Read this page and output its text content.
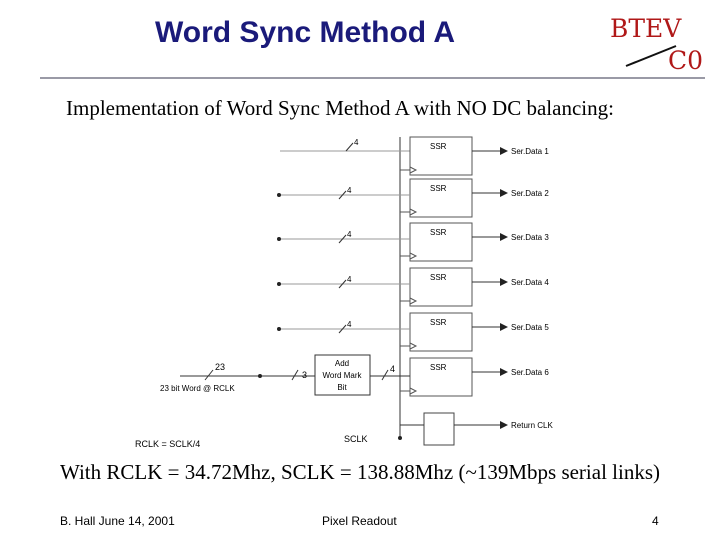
Word Sync Method A	BTEV
C0
Implementation of Word Sync Method A with NO DC balancing:
SSR
Ser.Data 1
4
SSR
Ser.Data 2
4
SSR
Ser.Data 3
4
SSR
Ser.Data 4
4
SSR
Ser.Data 5
4
SSR
Ser.Data 6
Add
Word Mark
Bit
23
23 bit Word @ RCLK
3
4
Return CLK
RCLK = SCLK/4	SCLK
With RCLK = 34.72Mhz, SCLK = 138.88Mhz (~139Mbps serial links)
B. Hall June 14, 2001	Pixel Readout	4
